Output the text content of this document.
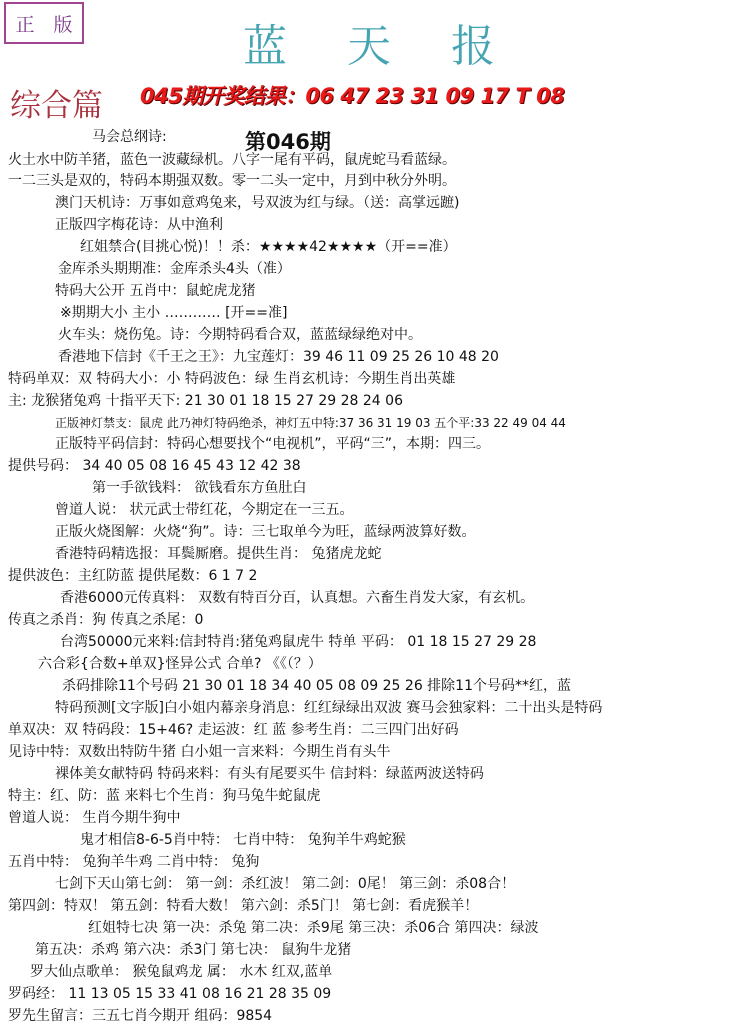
正 版	蓝 天 报
综合篇 045期开奖结果：06 47 23 31 09 17 T 08
第046期
马会总纲诗:
火土水中防羊猪，蓝色一波藏绿机。八字一尾有平码，鼠虎蛇马看蓝绿。
一二三头是双的，特码本期强双数。零一二头一定中，月到中秋分外明。
澳门天机诗：万事如意鸡兔来，号双波为红与绿。（送：高掌远蹠)
正版四字梅花诗：从中渔利
红姐禁合(目挑心悦)！！杀：★★★★42★★★★（开==准）
金库杀头期期准：金库杀头4头（准）
特码大公开 五肖中：鼠蛇虎龙猪
※期期大小 主小 ………… [开==准]
火车头：烧伤兔。诗：今期特码看合双，蓝蓝绿绿绝对中。
香港地下信封《千王之王》：九宝莲灯：39 46 11 09 25 26 10 48 20
特码单双：双 特码大小：小 特码波色：绿 生肖玄机诗：今期生肖出英雄
主: 龙猴猪兔鸡 十指平天下: 21 30 01 18 15 27 29 28 24 06
正版神灯禁支：鼠虎 此乃神灯特码绝杀，神灯五中特:37 36 31 19 03 五个平:33 22 49 04 44
正版特平码信封：特码心想要找个“电视机”，平码“三”，本期：四三。
提供号码： 34 40 05 08 16 45 43 12 42 38
第一手欲钱料： 欲钱看东方鱼肚白
曾道人说： 状元武士带红花，今期定在一三五。
正版火烧图解：火烧“狗”。诗：三七取单今为旺，蓝绿两波算好数。
香港特码精选报：耳鬓厮磨。提供生肖： 兔猪虎龙蛇
提供波色：主红防蓝 提供尾数：6 1 7 2
香港6000元传真料： 双数有特百分百，认真想。六畜生肖发大家，有玄机。
传真之杀肖：狗 传真之杀尾：0
台湾50000元来料:信封特肖:猪兔鸡鼠虎牛 特单 平码： 01 18 15 27 29 28
六合彩{合数+单双}怪异公式 合单? 《《（？）
杀码排除11个号码 21 30 01 18 34 40 05 08 09 25 26 排除11个号码**红，蓝
特码预测[文字版]白小姐内幕亲身消息：红红绿绿出双波 赛马会独家料：二十出头是特码
单双决：双 特码段：15+46? 走运波：红 蓝 参考生肖：二三四门出好码
见诗中特：双数出特防牛猪 白小姐一言来料：今期生肖有头牛
裸体美女献特码 特码来料：有头有尾要买牛 信封料：绿蓝两波送特码
特主：红、防：蓝 来料七个生肖：狗马兔牛蛇鼠虎
曾道人说： 生肖今期牛狗中
鬼才相信8-6-5肖中特： 七肖中特： 兔狗羊牛鸡蛇猴
五肖中特： 兔狗羊牛鸡 二肖中特： 兔狗
七剑下天山第七剑： 第一剑：杀红波！ 第二剑：0尾！ 第三剑：杀08合！
第四剑：特双！ 第五剑：特看大数！ 第六剑：杀5门！ 第七剑：看虎猴羊！
红姐特七决 第一决：杀兔 第二决：杀9尾 第三决：杀06合 第四决：绿波
第五决：杀鸡 第六决：杀3门 第七决： 鼠狗牛龙猪
罗大仙点歌单： 猴兔鼠鸡龙 属： 水木 红双,蓝单
罗码经： 11 13 05 15 33 41 08 16 21 28 35 09
罗先生留言：三五七肖今期开 组码：9854
